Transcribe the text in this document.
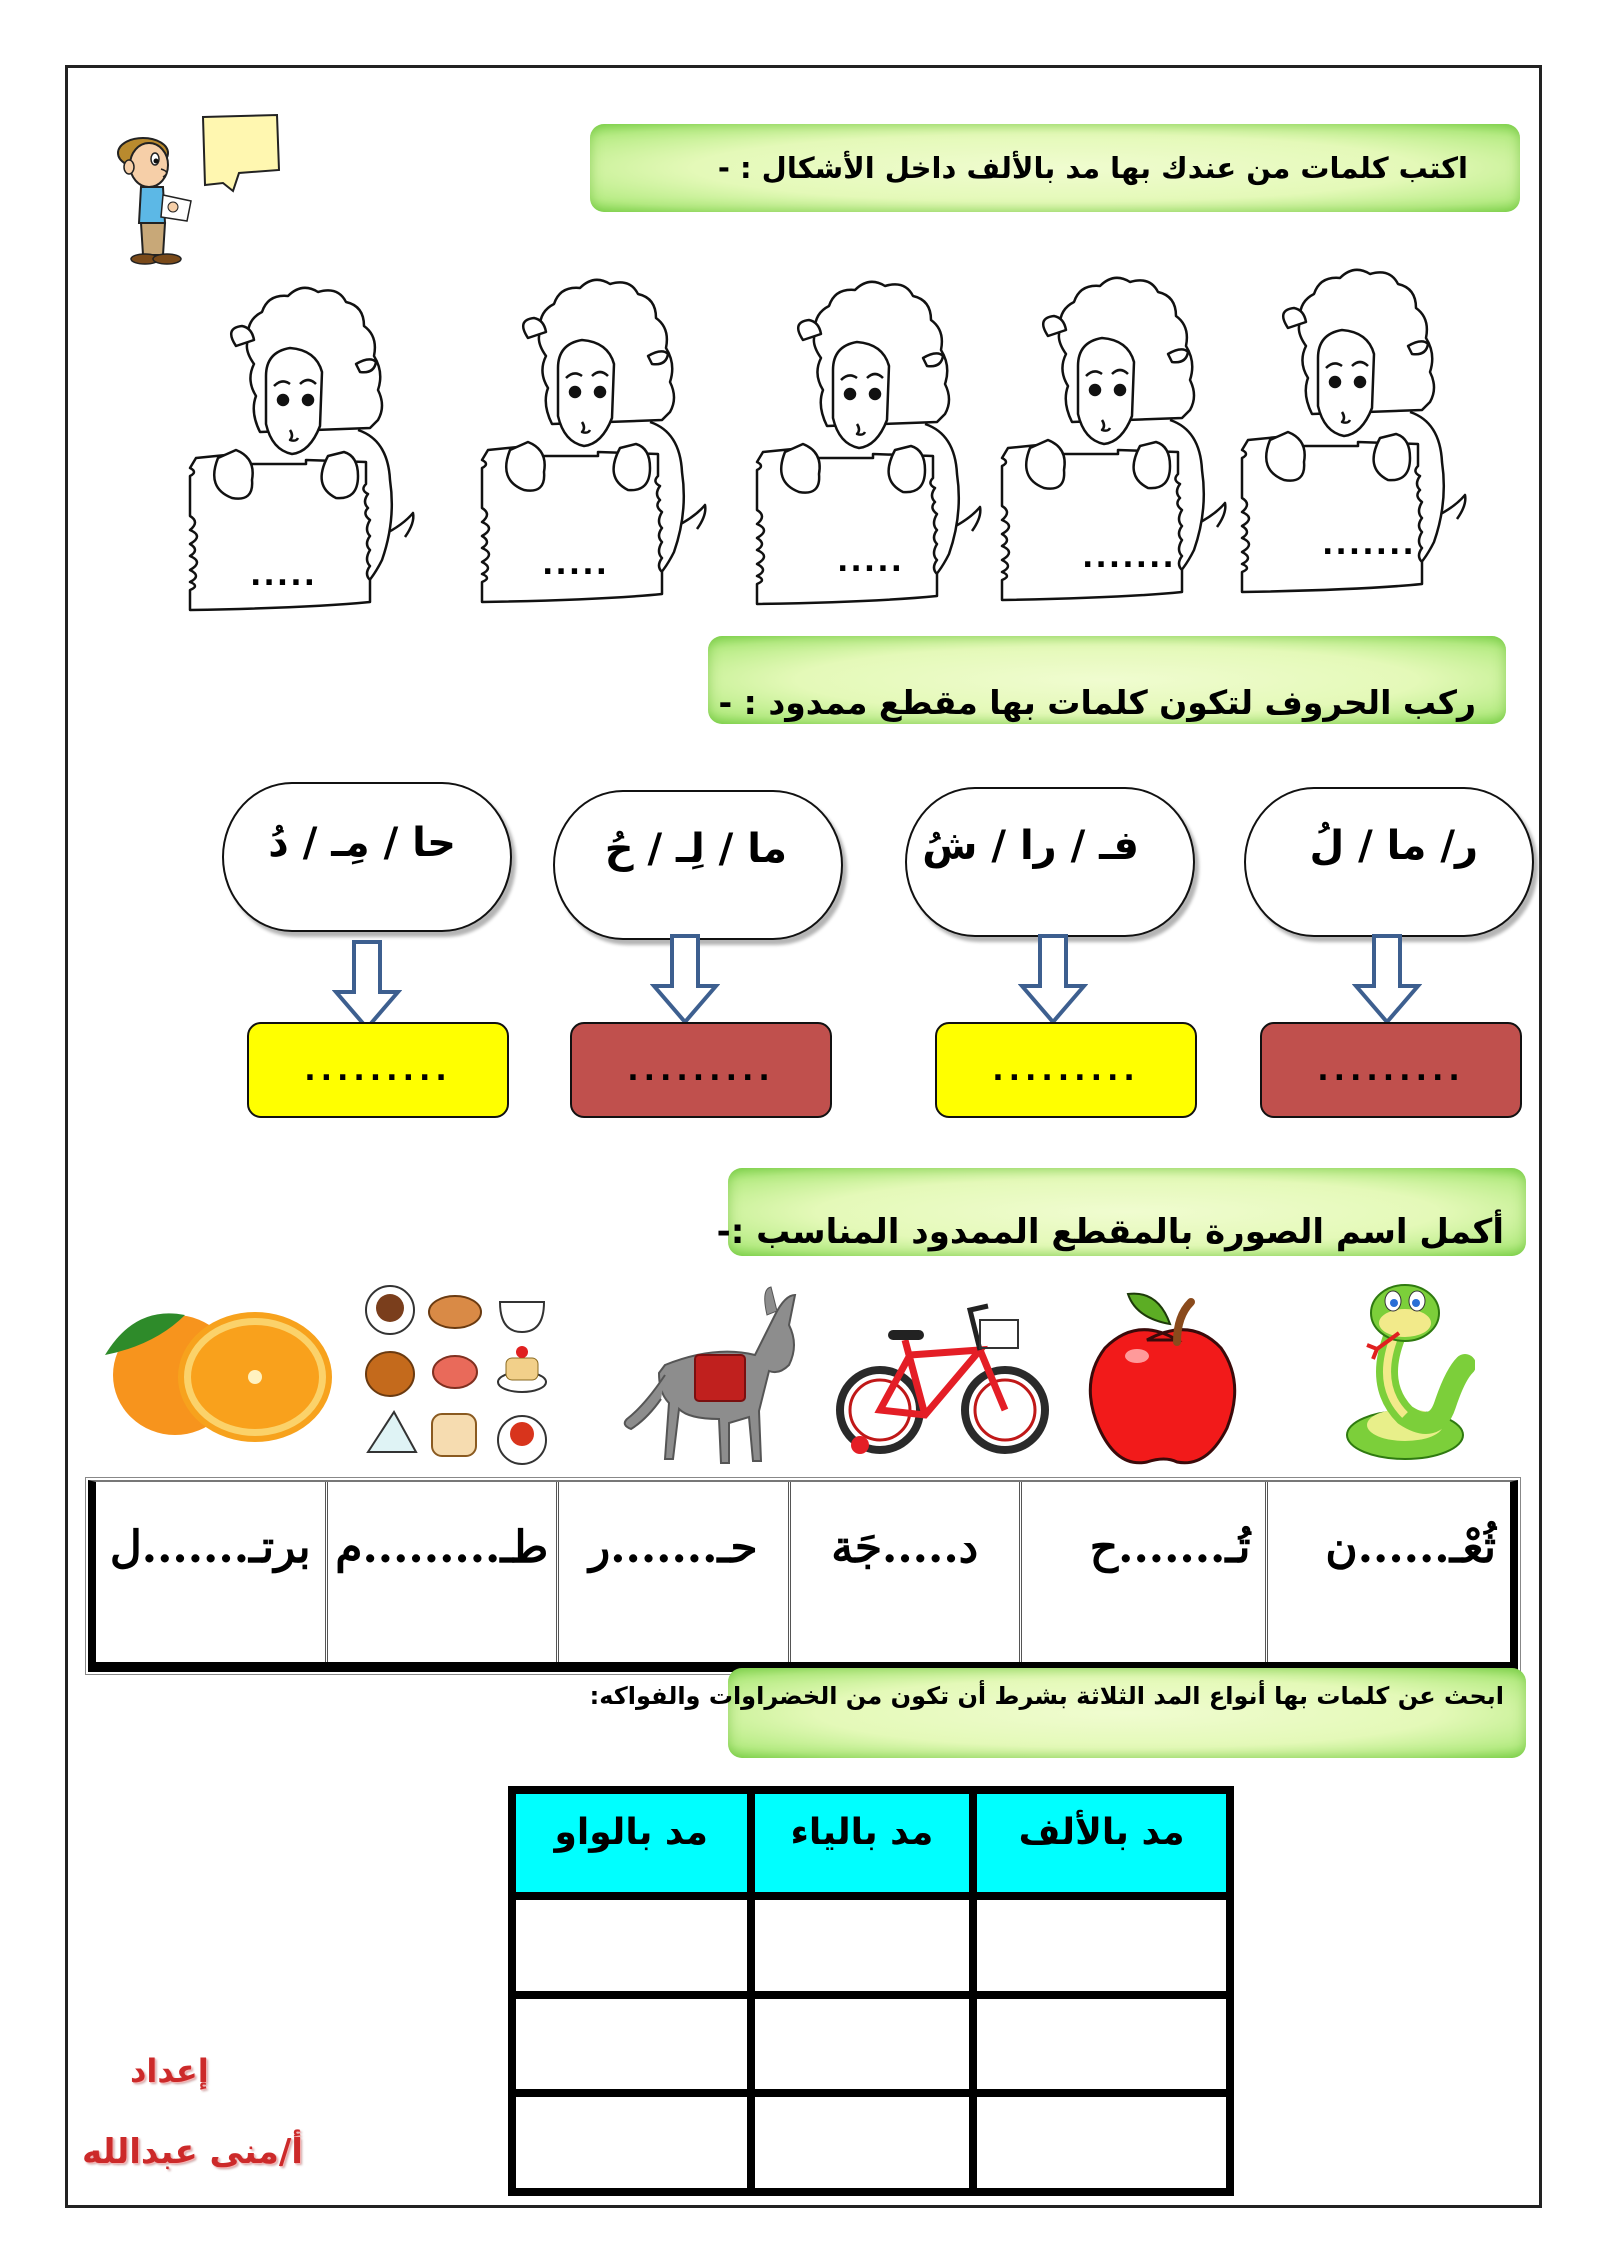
اكتب كلمات من عندك بها مد بالألف داخل الأشكال : -
.......
.......
.....
.....
.....
ركب الحروف لتكون كلمات بها مقطع ممدود : -
ر/ ما / لُ
فـ / را / شُ
ما / لِـ / حُ
حا / مِـ / دُ
.........
.........
.........
.........
أكمل اسم الصورة بالمقطع الممدود المناسب :-
ثُعْـ......ن
تُـ.......ح
د.....جَة
حـ.......ر
طـ.........م
برتـ.......ل
ابحث عن كلمات بها أنواع المد الثلاثة بشرط أن تكون من الخضراوات والفواكه:
مد بالألف	مد بالياء	مد بالواو

إعداد
أ/منى عبدالله
